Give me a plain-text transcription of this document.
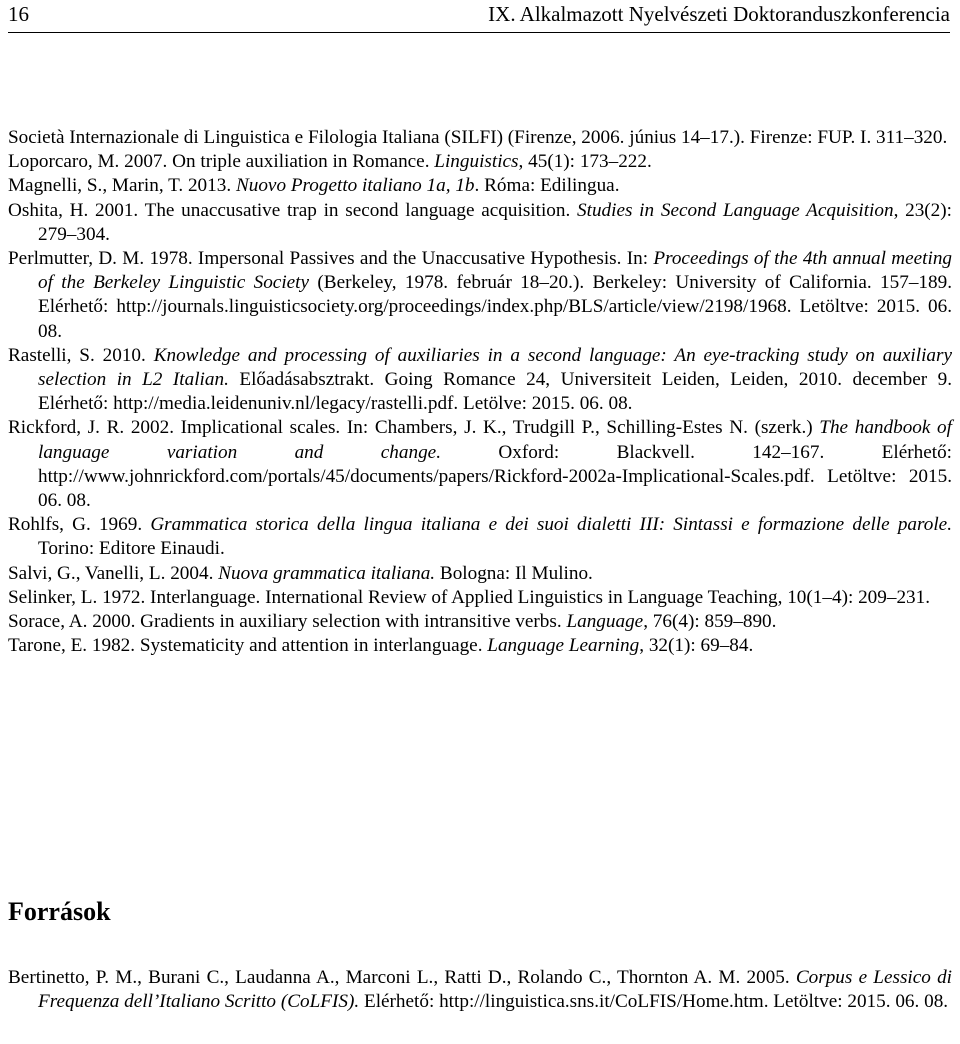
16	IX. Alkalmazott Nyelvészeti Doktoranduszkonferencia

Società Internazionale di Linguistica e Filologia Italiana (SILFI) (Firenze, 2006. június 14–17.). Firenze: FUP. I. 311–320.

Loporcaro, M. 2007. On triple auxiliation in Romance. Linguistics, 45(1): 173–222.

Magnelli, S., Marin, T. 2013. Nuovo Progetto italiano 1a, 1b. Róma: Edilingua.

Oshita, H. 2001. The unaccusative trap in second language acquisition. Studies in Second Language Acquisition, 23(2): 279–304.

Perlmutter, D. M. 1978. Impersonal Passives and the Unaccusative Hypothesis. In: Proceedings of the 4th annual meeting of the Berkeley Linguistic Society (Berkeley, 1978. február 18–20.). Berkeley: University of California. 157–189. Elérhető: http://journals.linguisticsociety.org/proceedings/index.php/BLS/article/view/2198/1968. Letöltve: 2015. 06. 08.

Rastelli, S. 2010. Knowledge and processing of auxiliaries in a second language: An eye-tracking study on auxiliary selection in L2 Italian. Előadásabsztrakt. Going Romance 24, Universiteit Leiden, Leiden, 2010. december 9. Elérhető: http://media.leidenuniv.nl/legacy/rastelli.pdf. Letölve: 2015. 06. 08.

Rickford, J. R. 2002. Implicational scales. In: Chambers, J. K., Trudgill P., Schilling-Estes N. (szerk.) The handbook of language variation and change. Oxford: Blackvell. 142–167. Elérhető: http://www.johnrickford.com/portals/45/documents/papers/Rickford-2002a-Implicational-Scales.pdf. Letöltve: 2015. 06. 08.

Rohlfs, G. 1969. Grammatica storica della lingua italiana e dei suoi dialetti III: Sintassi e formazione delle parole. Torino: Editore Einaudi.

Salvi, G., Vanelli, L. 2004. Nuova grammatica italiana. Bologna: Il Mulino.

Selinker, L. 1972. Interlanguage. International Review of Applied Linguistics in Language Teaching, 10(1–4): 209–231.

Sorace, A. 2000. Gradients in auxiliary selection with intransitive verbs. Language, 76(4): 859–890.

Tarone, E. 1982. Systematicity and attention in interlanguage. Language Learning, 32(1): 69–84.

Források

Bertinetto, P. M., Burani C., Laudanna A., Marconi L., Ratti D., Rolando C., Thornton A. M. 2005. Corpus e Lessico di Frequenza dell’Italiano Scritto (CoLFIS). Elérhető: http://linguistica.sns.it/CoLFIS/Home.htm. Letöltve: 2015. 06. 08.
